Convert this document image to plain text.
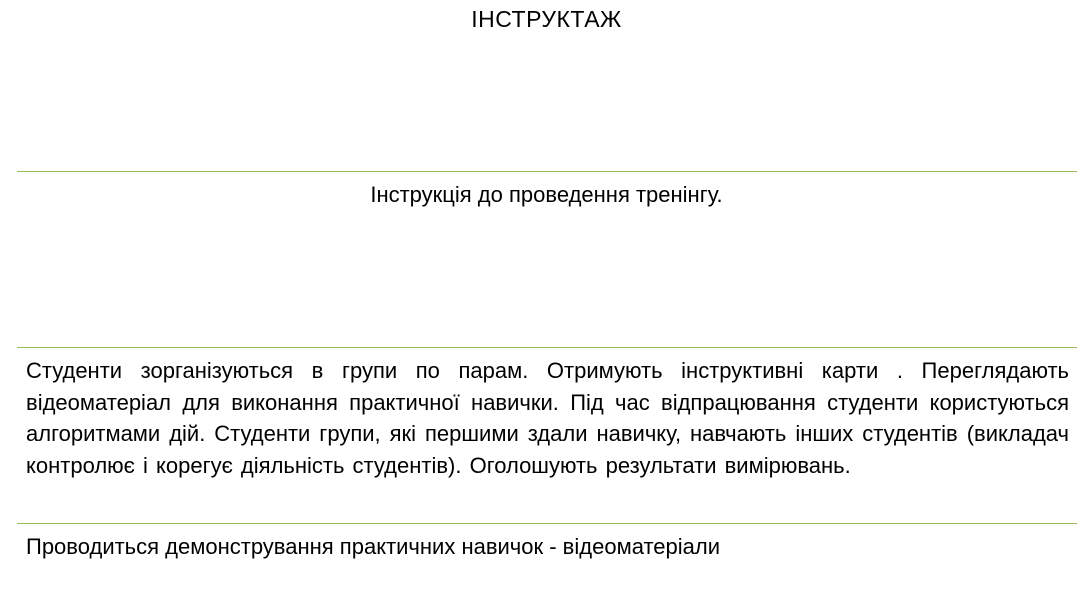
ІНСТРУКТАЖ
Інструкція до проведення тренінгу.
Студенти зорганізуються в групи по парам. Отримують інструктивні карти . Переглядають відеоматеріал для виконання практичної навички. Під час відпрацювання студенти користуються алгоритмами дій. Студенти групи, які першими здали навичку, навчають інших студентів (викладач контролює і корегує діяльність студентів). Оголошують результати вимірювань.
Проводиться демонстрування практичних навичок - відеоматеріали
